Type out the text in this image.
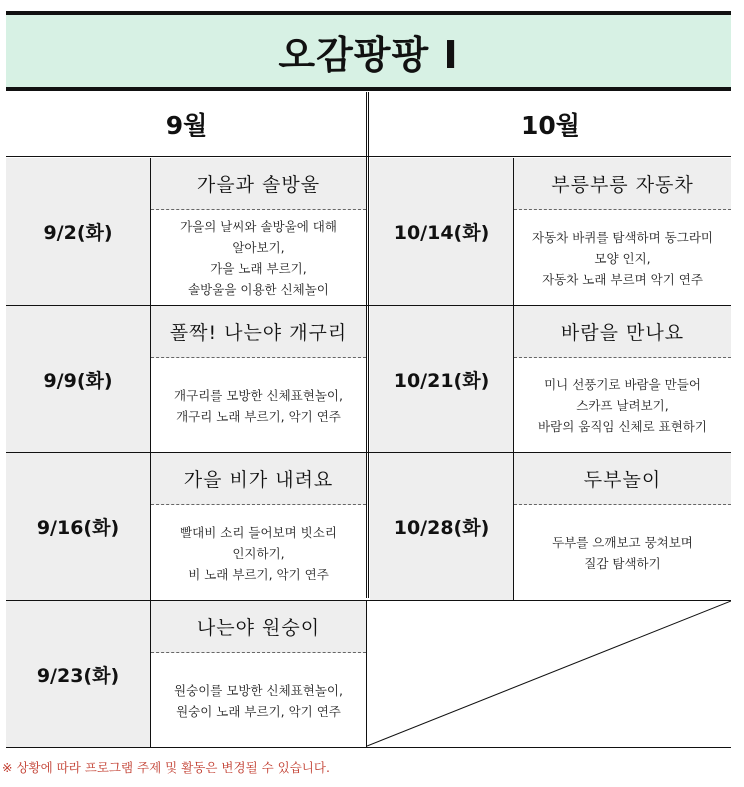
오감팡팡 Ⅰ
9월	10월
9/2(화)
가을과 솔방울
가을의 날씨와 솔방울에 대해
알아보기,
가을 노래 부르기,
솔방울을 이용한 신체놀이
10/14(화)
부릉부릉 자동차
자동차 바퀴를 탐색하며 동그라미
모양 인지,
자동차 노래 부르며 악기 연주
9/9(화)
폴짝! 나는야 개구리
개구리를 모방한 신체표현놀이,
개구리 노래 부르기, 악기 연주
10/21(화)
바람을 만나요
미니 선풍기로 바람을 만들어
스카프 날려보기,
바람의 움직임 신체로 표현하기
9/16(화)
가을 비가 내려요
빨대비 소리 들어보며 빗소리
인지하기,
비 노래 부르기, 악기 연주
10/28(화)
두부놀이
두부를 으깨보고 뭉쳐보며
질감 탐색하기
9/23(화)
나는야 원숭이
원숭이를 모방한 신체표현놀이,
원숭이 노래 부르기, 악기 연주
※ 상황에 따라 프로그램 주제 및 활동은 변경될 수 있습니다.
